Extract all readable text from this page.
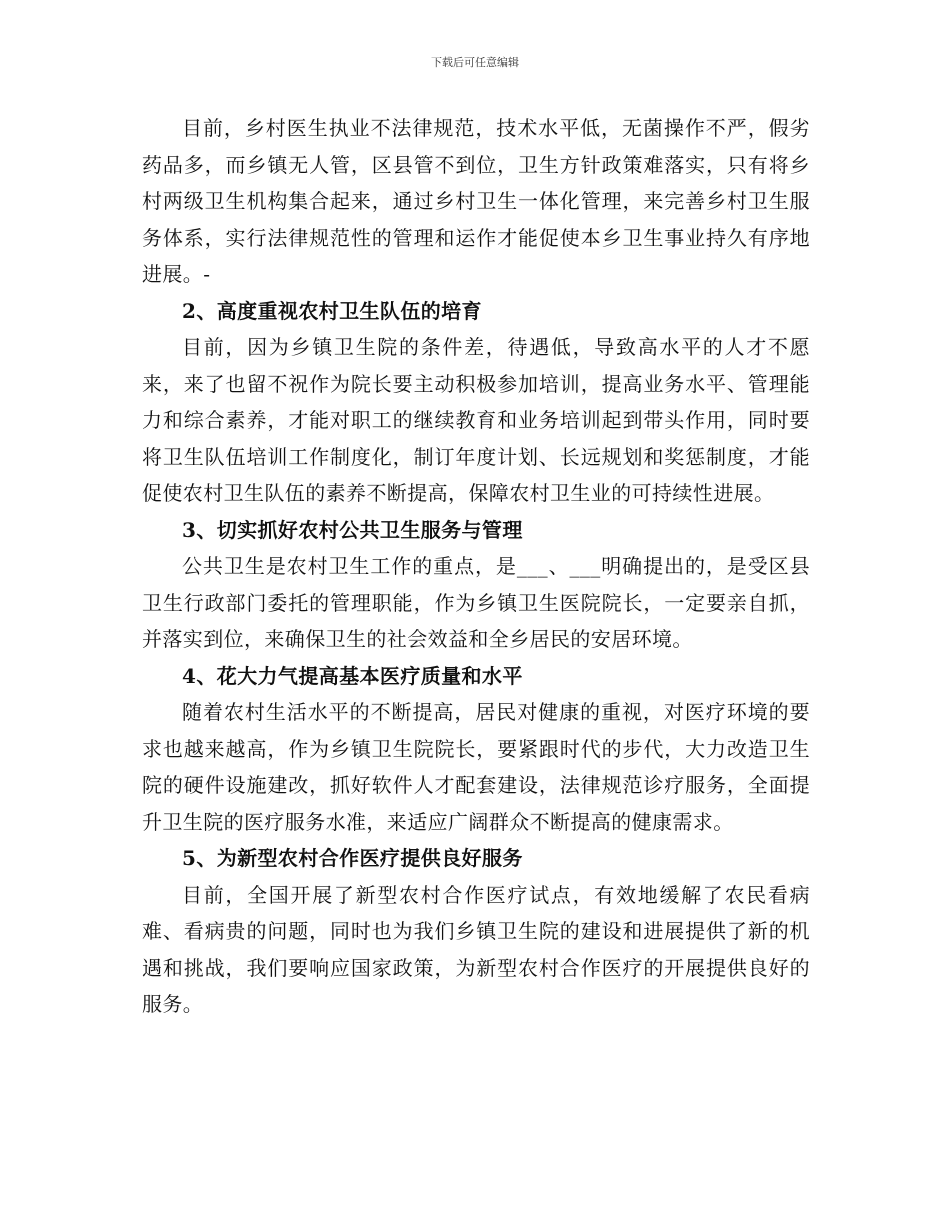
下载后可任意编辑

目前，乡村医生执业不法律规范，技术水平低，无菌操作不严，假劣药品多，而乡镇无人管，区县管不到位，卫生方针政策难落实，只有将乡村两级卫生机构集合起来，通过乡村卫生一体化管理，来完善乡村卫生服务体系，实行法律规范性的管理和运作才能促使本乡卫生事业持久有序地进展。-

2、高度重视农村卫生队伍的培育

目前，因为乡镇卫生院的条件差，待遇低，导致高水平的人才不愿来，来了也留不祝作为院长要主动积极参加培训，提高业务水平、管理能力和综合素养，才能对职工的继续教育和业务培训起到带头作用，同时要将卫生队伍培训工作制度化，制订年度计划、长远规划和奖惩制度，才能促使农村卫生队伍的素养不断提高，保障农村卫生业的可持续性进展。

3、切实抓好农村公共卫生服务与管理

公共卫生是农村卫生工作的重点，是___、___明确提出的，是受区县卫生行政部门委托的管理职能，作为乡镇卫生医院院长，一定要亲自抓，并落实到位，来确保卫生的社会效益和全乡居民的安居环境。

4、花大力气提高基本医疗质量和水平

随着农村生活水平的不断提高，居民对健康的重视，对医疗环境的要求也越来越高，作为乡镇卫生院院长，要紧跟时代的步代，大力改造卫生院的硬件设施建改，抓好软件人才配套建设，法律规范诊疗服务，全面提升卫生院的医疗服务水准，来适应广阔群众不断提高的健康需求。

5、为新型农村合作医疗提供良好服务

目前，全国开展了新型农村合作医疗试点，有效地缓解了农民看病难、看病贵的问题，同时也为我们乡镇卫生院的建设和进展提供了新的机遇和挑战，我们要响应国家政策，为新型农村合作医疗的开展提供良好的服务。
